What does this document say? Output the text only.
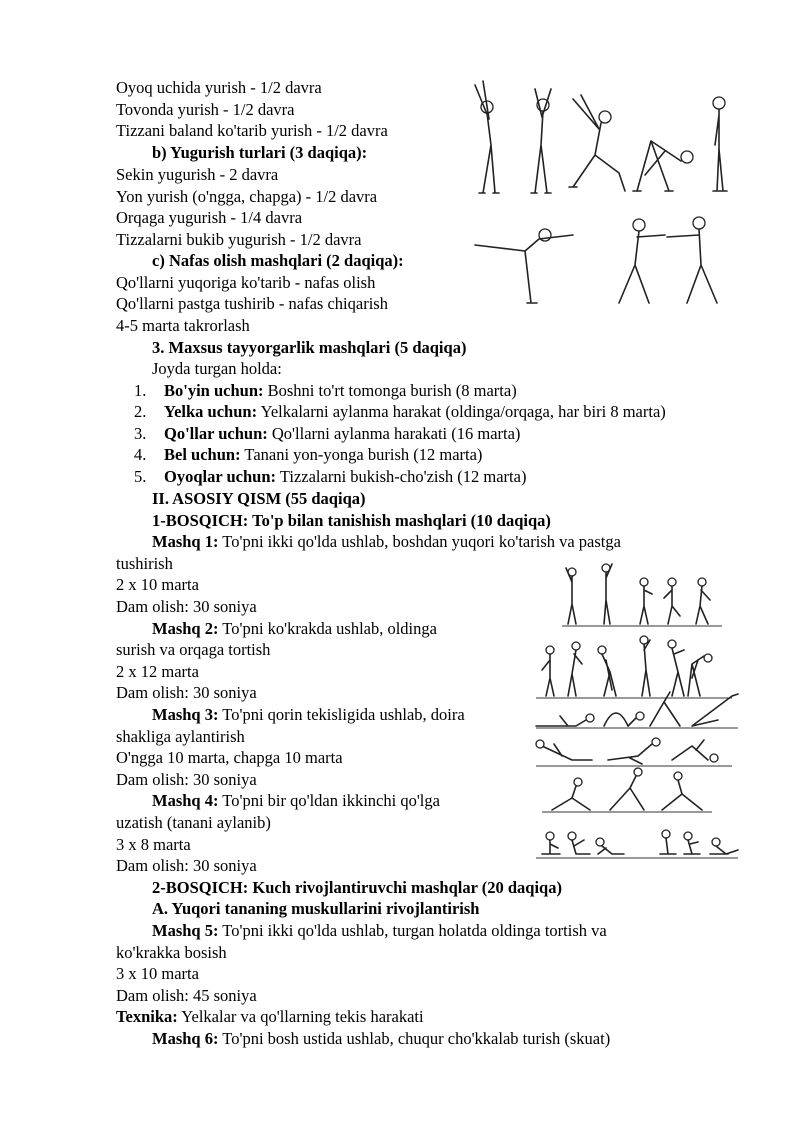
Oyoq uchida yurish - 1/2 davra
Tovonda yurish - 1/2 davra
Tizzani baland ko'tarib yurish - 1/2 davra
b) Yugurish turlari (3 daqiqa):
Sekin yugurish - 2 davra
Yon yurish (o'ngga, chapga) - 1/2 davra
Orqaga yugurish - 1/4 davra
Tizzalarni bukib yugurish - 1/2 davra
c) Nafas olish mashqlari (2 daqiqa):
Qo'llarni yuqoriga ko'tarib - nafas olish
Qo'llarni pastga tushirib - nafas chiqarish
4-5 marta takrorlash
3. Maxsus tayyorgarlik mashqlari (5 daqiqa)
Joyda turgan holda:
1. Bo'yin uchun: Boshni to'rt tomonga burish (8 marta)
2. Yelka uchun: Yelkalarni aylanma harakat (oldinga/orqaga, har biri 8 marta)
3. Qo'llar uchun: Qo'llarni aylanma harakati (16 marta)
4. Bel uchun: Tanani yon-yonga burish (12 marta)
5. Oyoqlar uchun: Tizzalarni bukish-cho'zish (12 marta)
II. ASOSIY QISM (55 daqiqa)
1-BOSQICH: To'p bilan tanishish mashqlari (10 daqiqa)
Mashq 1: To'pni ikki qo'lda ushlab, boshdan yuqori ko'tarish va pastga
tushirish
2 x 10 marta
Dam olish: 30 soniya
Mashq 2: To'pni ko'krakda ushlab, oldinga
surish va orqaga tortish
2 x 12 marta
Dam olish: 30 soniya
Mashq 3: To'pni qorin tekisligida ushlab, doira
shakliga aylantirish
O'ngga 10 marta, chapga 10 marta
Dam olish: 30 soniya
Mashq 4: To'pni bir qo'ldan ikkinchi qo'lga
uzatish (tanani aylanib)
3 x 8 marta
Dam olish: 30 soniya
2-BOSQICH: Kuch rivojlantiruvchi mashqlar (20 daqiqa)
A. Yuqori tananing muskullarini rivojlantirish
Mashq 5: To'pni ikki qo'lda ushlab, turgan holatda oldinga tortish va
ko'krakka bosish
3 x 10 marta
Dam olish: 45 soniya
Texnika: Yelkalar va qo'llarning tekis harakati
Mashq 6: To'pni bosh ustida ushlab, chuqur cho'kkalab turish (skuat)
